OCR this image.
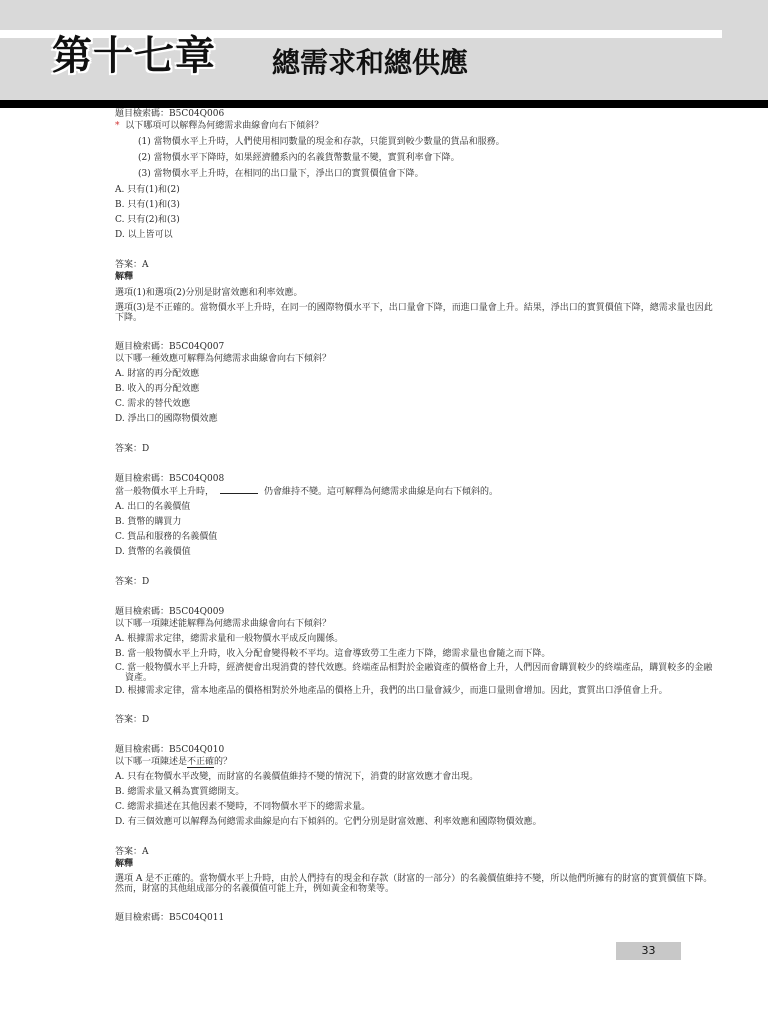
第十七章 總需求和總供應
題目檢索碼：B5C04Q006
* 以下哪項可以解釋為何總需求曲線會向右下傾斜？
(1) 當物價水平上升時，人們使用相同數量的現金和存款，只能買到較少數量的貨品和服務。
(2) 當物價水平下降時，如果經濟體系內的名義貨幣數量不變，實質利率會下降。
(3) 當物價水平上升時，在相同的出口量下，淨出口的實質價值會下降。
A. 只有(1)和(2)
B. 只有(1)和(3)
C. 只有(2)和(3)
D. 以上皆可以
答案：A
解釋
選項(1)和選項(2)分別是財富效應和利率效應。
選項(3)是不正確的。當物價水平上升時，在同一的國際物價水平下，出口量會下降，而進口量會上升。結果，淨出口的實質價值下降，總需求量也因此下降。
題目檢索碼：B5C04Q007
以下哪一種效應可解釋為何總需求曲線會向右下傾斜？
A. 財富的再分配效應
B. 收入的再分配效應
C. 需求的替代效應
D. 淨出口的國際物價效應
答案：D
題目檢索碼：B5C04Q008
當一般物價水平上升時，	仍會維持不變。這可解釋為何總需求曲線是向右下傾斜的。
A. 出口的名義價值
B. 貨幣的購買力
C. 貨品和服務的名義價值
D. 貨幣的名義價值
答案：D
題目檢索碼：B5C04Q009
以下哪一項陳述能解釋為何總需求曲線會向右下傾斜？
A. 根據需求定律，總需求量和一般物價水平成反向關係。
B. 當一般物價水平上升時，收入分配會變得較不平均。這會導致勞工生產力下降，總需求量也會隨之而下降。
C. 當一般物價水平上升時，經濟便會出現消費的替代效應。終端產品相對於金融資產的價格會上升，人們因而會購買較少的終端產品，購買較多的金融資產。
D. 根據需求定律，當本地產品的價格相對於外地產品的價格上升，我們的出口量會減少，而進口量則會增加。因此，實質出口淨值會上升。
答案：D
題目檢索碼：B5C04Q010
以下哪一項陳述是不正確的？
A. 只有在物價水平改變，而財富的名義價值維持不變的情況下，消費的財富效應才會出現。
B. 總需求量又稱為實質總開支。
C. 總需求描述在其他因素不變時，不同物價水平下的總需求量。
D. 有三個效應可以解釋為何總需求曲線是向右下傾斜的。它們分別是財富效應、利率效應和國際物價效應。
答案：A
解釋
選項 A 是不正確的。當物價水平上升時，由於人們持有的現金和存款（財富的一部分）的名義價值維持不變，所以他們所擁有的財富的實質價值下降。然而，財富的其他組成部分的名義價值可能上升，例如黃金和物業等。
題目檢索碼：B5C04Q011
33
